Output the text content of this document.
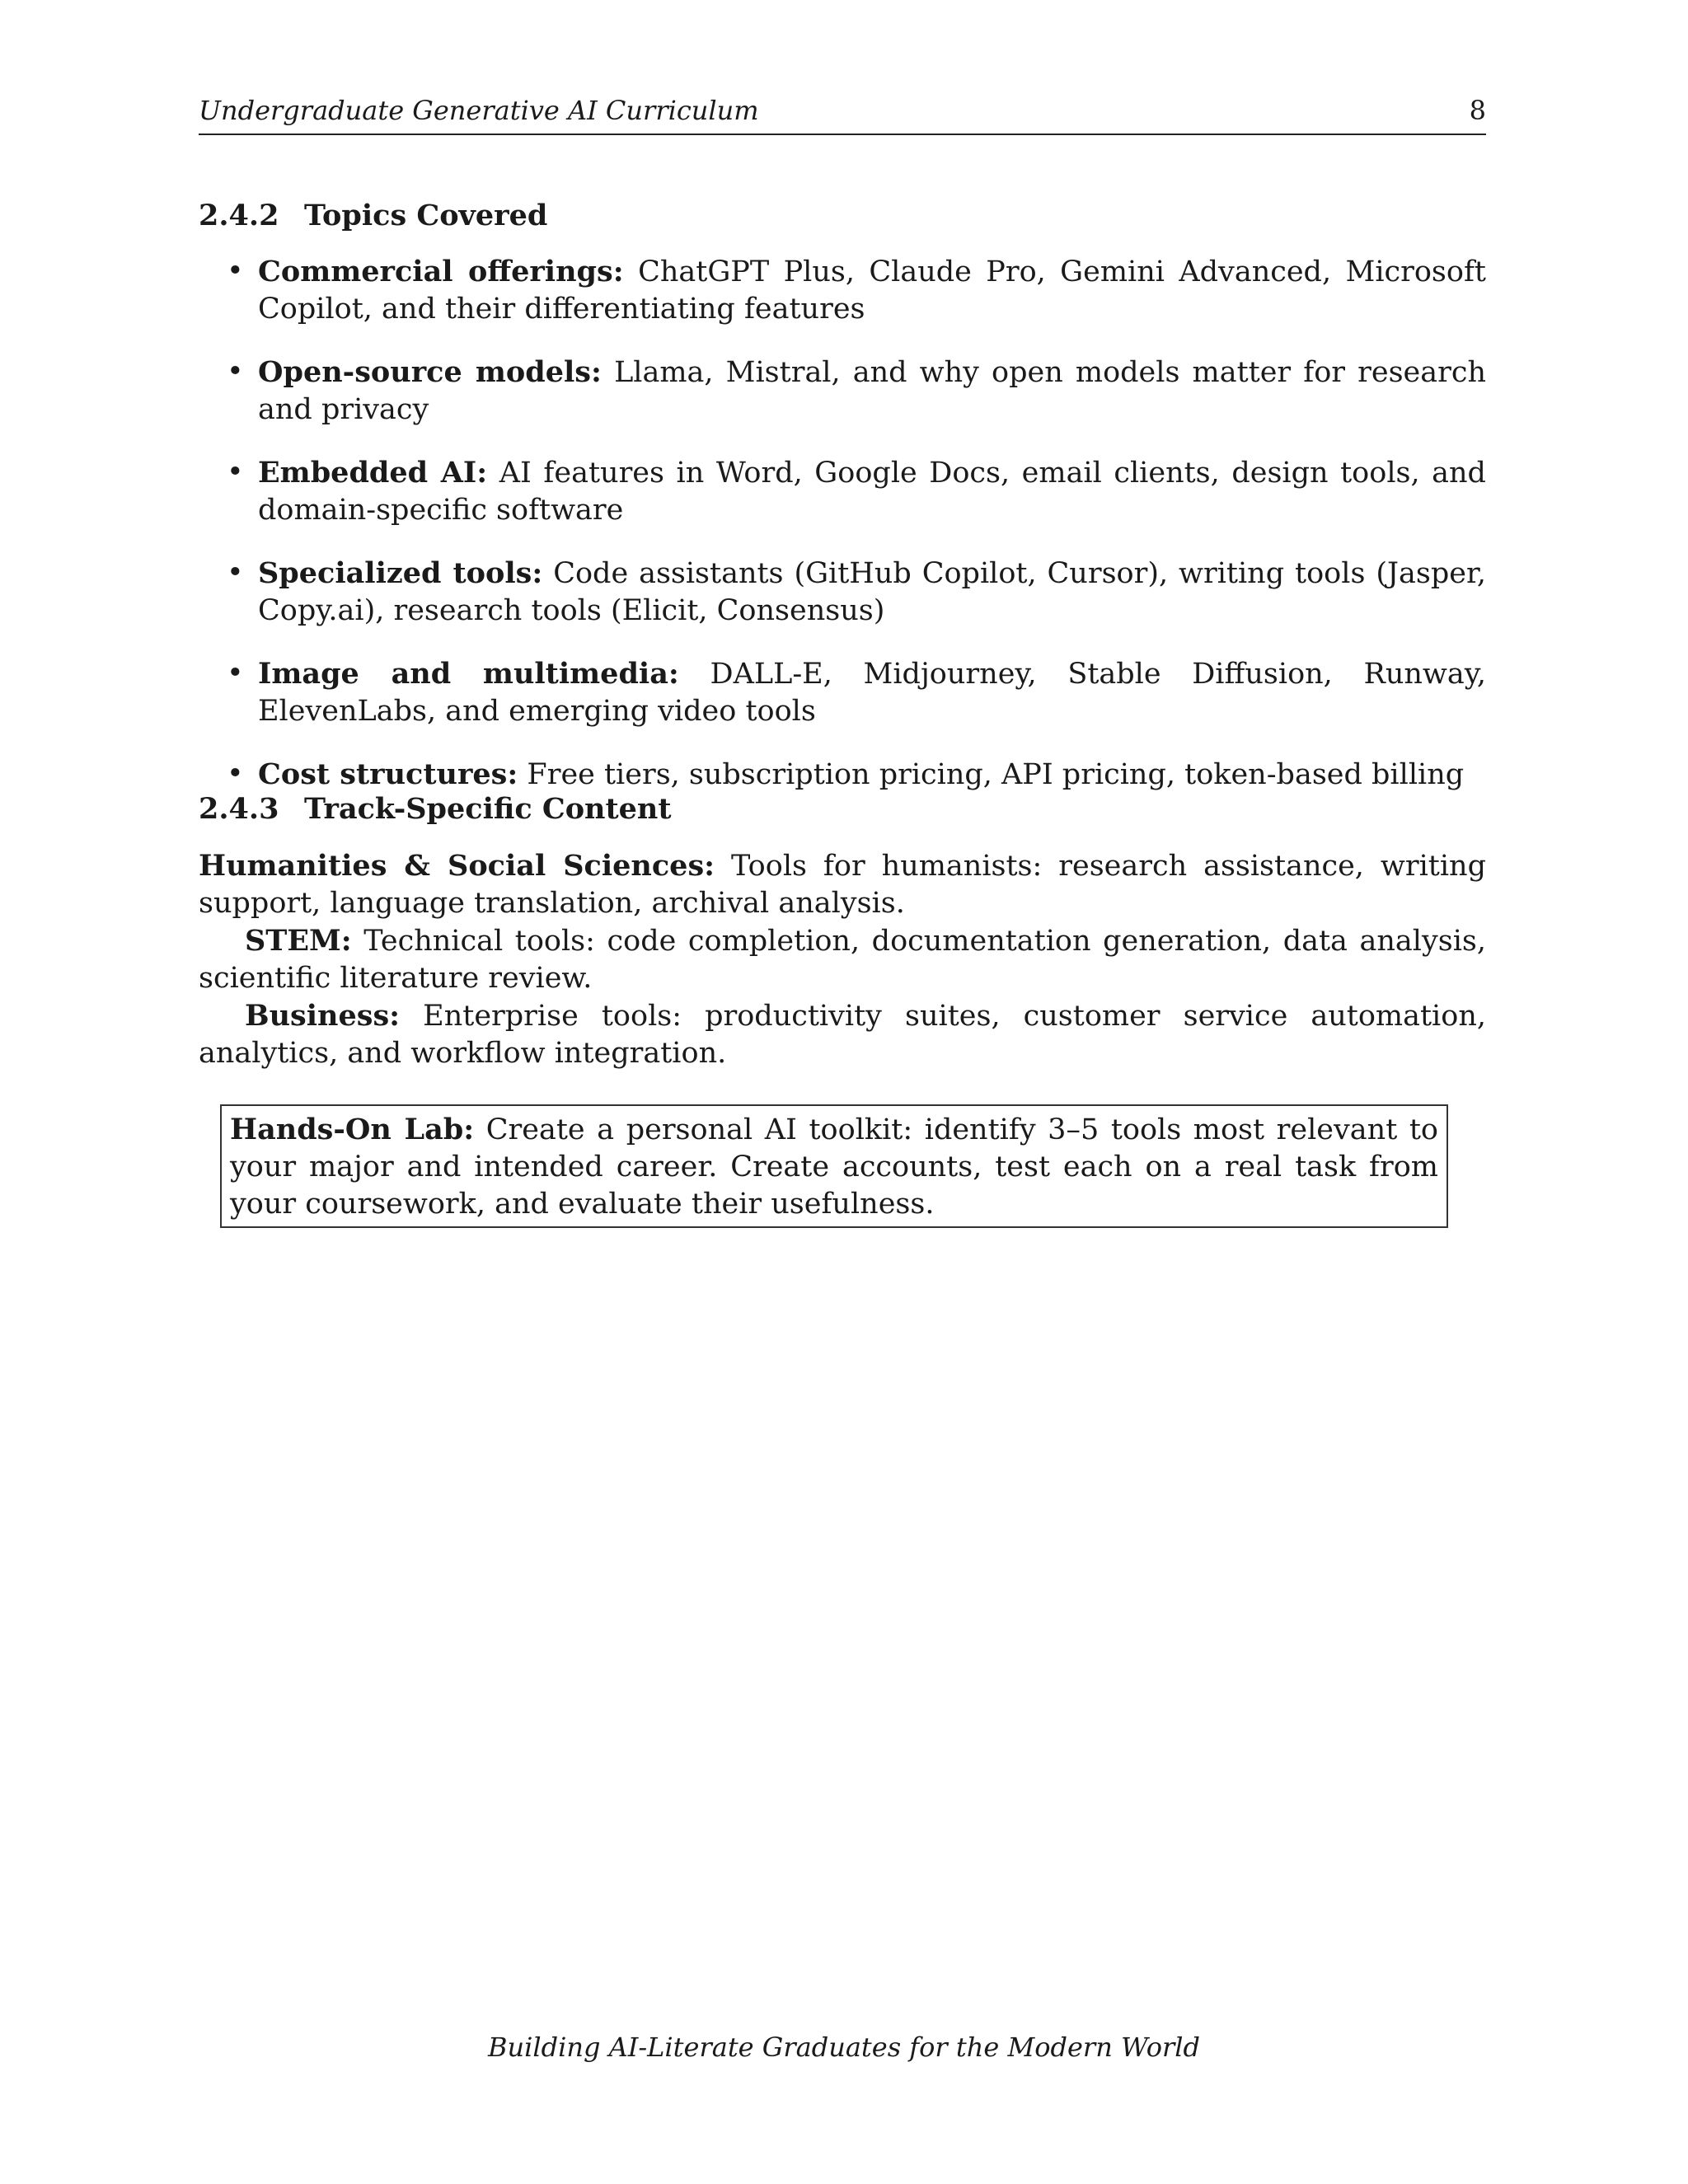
Undergraduate Generative AI Curriculum	8
2.4.2 Topics Covered
• Commercial offerings: ChatGPT Plus, Claude Pro, Gemini Advanced, Microsoft Copilot, and their differentiating features
• Open-source models: Llama, Mistral, and why open models matter for research and privacy
• Embedded AI: AI features in Word, Google Docs, email clients, design tools, and domain-specific software
• Specialized tools: Code assistants (GitHub Copilot, Cursor), writing tools (Jasper, Copy.ai), research tools (Elicit, Consensus)
• Image and multimedia: DALL-E, Midjourney, Stable Diffusion, Runway, ElevenLabs, and emerging video tools
• Cost structures: Free tiers, subscription pricing, API pricing, token-based billing
2.4.3 Track-Specific Content

Humanities & Social Sciences: Tools for humanists: research assistance, writing support, language translation, archival analysis.

STEM: Technical tools: code completion, documentation generation, data analysis, scientific literature review.

Business: Enterprise tools: productivity suites, customer service automation, analytics, and workflow integration.

Hands-On Lab: Create a personal AI toolkit: identify 3–5 tools most relevant to your major and intended career. Create accounts, test each on a real task from your coursework, and evaluate their usefulness.
Building AI-Literate Graduates for the Modern World
